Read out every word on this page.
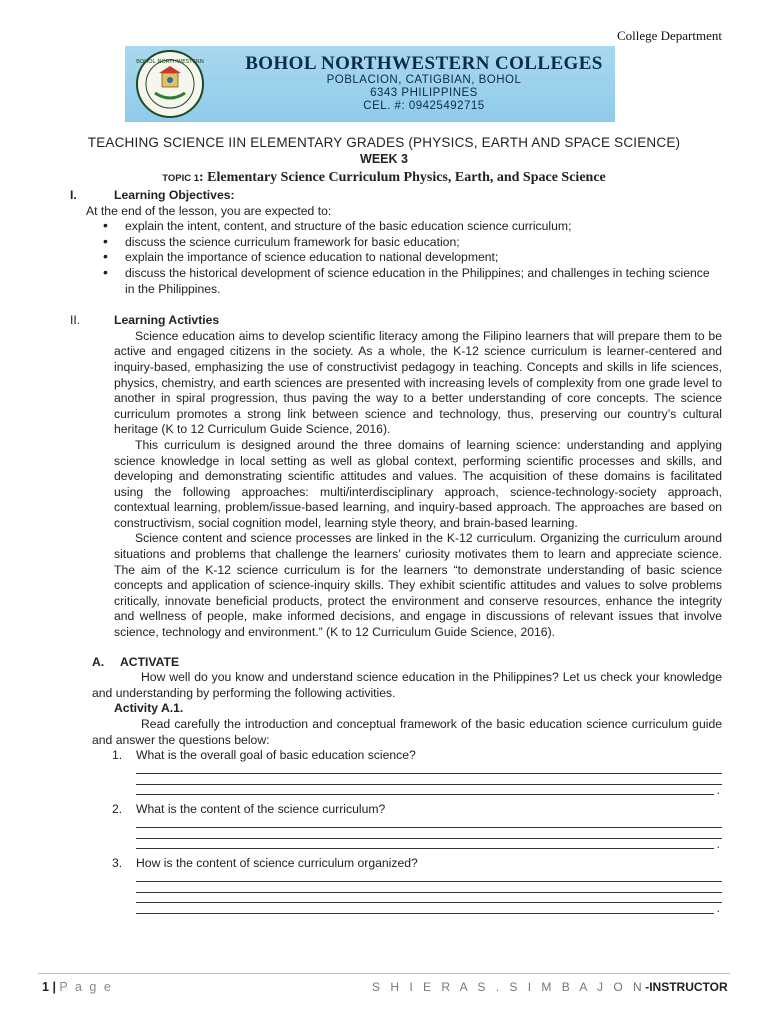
College Department
BOHOL NORTHWESTERN	BOHOL NORTHWESTERN COLLEGES
POBLACION, CATIGBIAN, BOHOL
6343 PHILIPPINES
CEL. #: 09425492715
TEACHING SCIENCE IIN ELEMENTARY GRADES (PHYSICS, EARTH AND SPACE SCIENCE)
WEEK 3
TOPIC 1: Elementary Science Curriculum Physics, Earth, and Space Science
I.	Learning Objectives:
At the end of the lesson, you are expected to:
• explain the intent, content, and structure of the basic education science curriculum;
• discuss the science curriculum framework for basic education;
• explain the importance of science education to national development;
• discuss the historical development of science education in the Philippines; and challenges in teching science in the Philippines.
II.	Learning Activties
Science education aims to develop scientific literacy among the Filipino learners that will prepare them to be active and engaged citizens in the society. As a whole, the K-12 science curriculum is learner-centered and inquiry-based, emphasizing the use of constructivist pedagogy in teaching. Concepts and skills in life sciences, physics, chemistry, and earth sciences are presented with increasing levels of complexity from one grade level to another in spiral progression, thus paving the way to a better understanding of core concepts. The science curriculum promotes a strong link between science and technology, thus, preserving our country’s cultural heritage (K to 12 Curriculum Guide Science, 2016).
This curriculum is designed around the three domains of learning science: understanding and applying science knowledge in local setting as well as global context, performing scientific processes and skills, and developing and demonstrating scientific attitudes and values. The acquisition of these domains is facilitated using the following approaches: multi/interdisciplinary approach, science-technology-society approach, contextual learning, problem/issue-based learning, and inquiry-based approach. The approaches are based on constructivism, social cognition model, learning style theory, and brain-based learning.
Science content and science processes are linked in the K-12 curriculum. Organizing the curriculum around situations and problems that challenge the learners’ curiosity motivates them to learn and appreciate science. The aim of the K-12 science curriculum is for the learners “to demonstrate understanding of basic science concepts and application of science-inquiry skills. They exhibit scientific attitudes and values to solve problems critically, innovate beneficial products, protect the environment and conserve resources, enhance the integrity and wellness of people, make informed decisions, and engage in discussions of relevant issues that involve science, technology and environment.” (K to 12 Curriculum Guide Science, 2016).
A.	ACTIVATE
How well do you know and understand science education in the Philippines? Let us check your knowledge and understanding by performing the following activities.
Activity A.1.
Read carefully the introduction and conceptual framework of the basic education science curriculum guide and answer the questions below:
1.	What is the overall goal of basic education science?
.
2.	What is the content of the science curriculum?
.
3.	How is the content of science curriculum organized?
.
1 | P a g e	S H I E R A S . S I M B A J O N-INSTRUCTOR
